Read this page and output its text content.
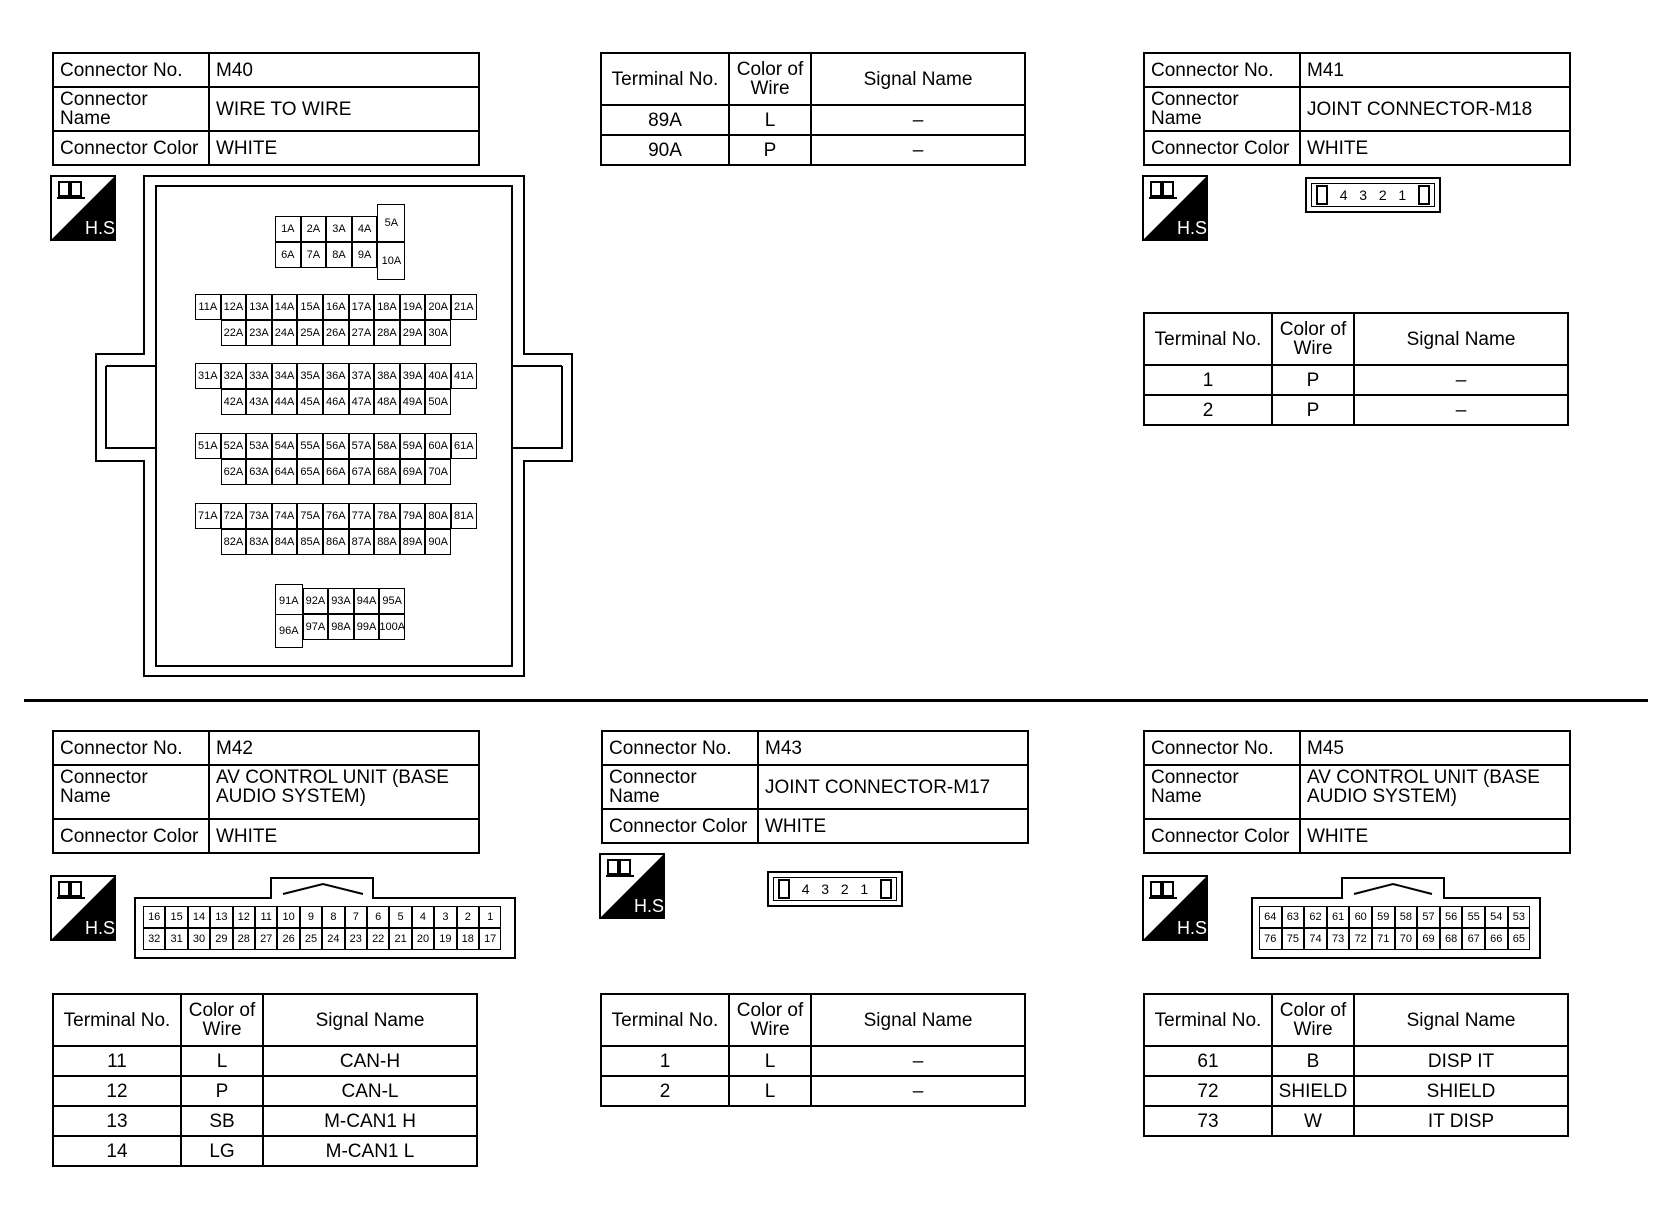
Connector No.	M40
Connector Name	WIRE TO WIRE
Connector Color	WHITE
Terminal No.	Color of Wire	Signal Name
89A	L	–
90A	P	–
H.S.	1A	2A	3A	4A	5A
6A	7A	8A	9A 10A
11A 12A 13A 14A 15A 16A 17A 18A 19A 20A 21A
22A 23A 24A 25A 26A 27A 28A 29A 30A
31A 32A 33A 34A 35A 36A 37A 38A 39A 40A 41A
42A 43A 44A 45A 46A 47A 48A 49A 50A
51A 52A 53A 54A 55A 56A 57A 58A 59A 60A 61A
62A 63A 64A 65A 66A 67A 68A 69A 70A
71A 72A 73A 74A 75A 76A 77A 78A 79A 80A 81A
82A 83A 84A 85A 86A 87A 88A 89A 90A
91A 92A 93A 94A 95A
96A 97A 98A 99A 100A
Connector No.	M41
Connector Name	JOINT CONNECTOR-M18
Connector Color	WHITE
H.S.
4 3 2 1
Terminal No.	Color of Wire	Signal Name
1	P	–
2	P	–
Connector No.	M42
Connector Name	AV CONTROL UNIT (BASE AUDIO SYSTEM)
Connector Color	WHITE
H.S.
16 15 14 13 12 11 10	9	8	7	6	5	4	3	2	1
32 31 30 29 28 27 26 25 24 23 22 21 20 19 18 17
Terminal No.	Color of Wire	Signal Name
11	L	CAN-H
12	P	CAN-L
13	SB	M-CAN1 H
14	LG	M-CAN1 L
Connector No.	M43
Connector Name	JOINT CONNECTOR-M17
Connector Color	WHITE
H.S.
4 3 2 1
Terminal No.	Color of Wire	Signal Name
1	L	–
2	L	–
Connector No.	M45
Connector Name	AV CONTROL UNIT (BASE AUDIO SYSTEM)
Connector Color	WHITE
H.S.
64 63 62 61 60 59 58 57 56 55 54 53
76 75 74 73 72 71 70 69 68 67 66 65
Terminal No.	Color of Wire	Signal Name
61	B	DISP IT
72	SHIELD	SHIELD
73	W	IT DISP
